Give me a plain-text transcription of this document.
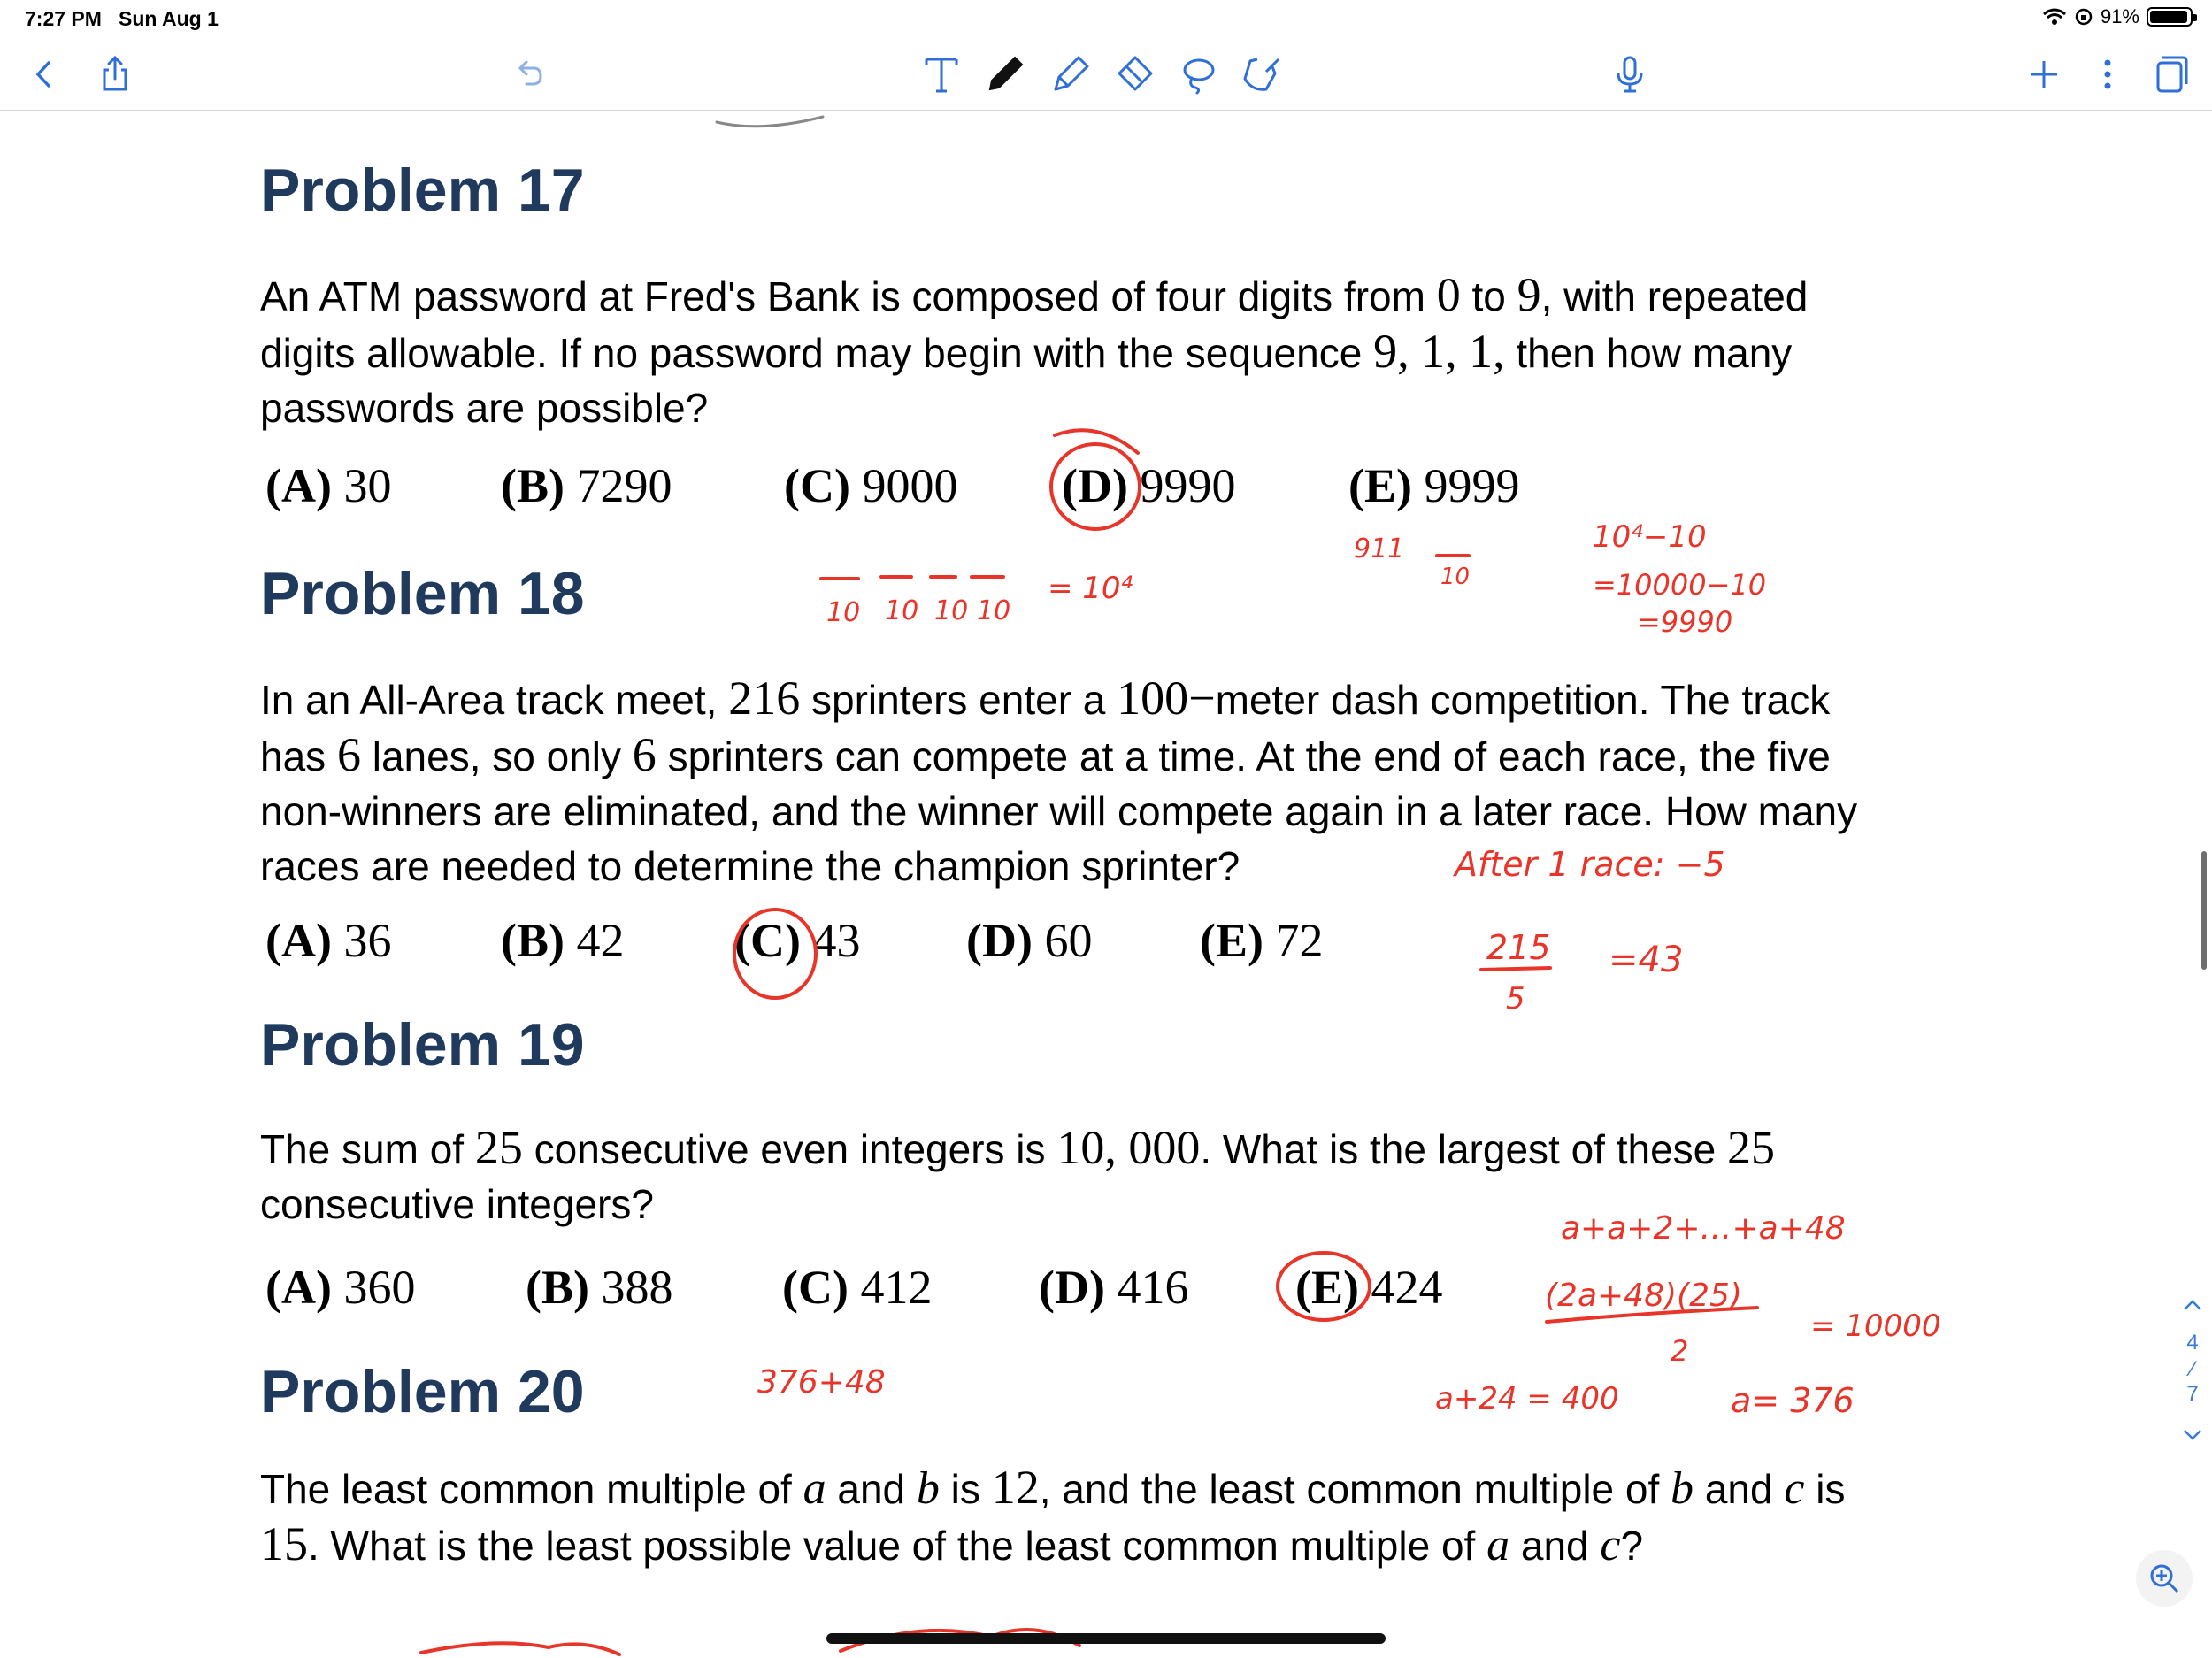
7:27 PM Sun Aug 1	91%
Problem 17
An ATM password at Fred's Bank is composed of four digits from 0 to 9, with repeated
digits allowable. If no password may begin with the sequence 9, 1, 1, then how many
passwords are possible?
(A) 30 (B) 7290 (C) 9000 (D) 9990 (E) 9999
Problem 18
In an All-Area track meet, 216 sprinters enter a 100−meter dash competition. The track
has 6 lanes, so only 6 sprinters can compete at a time. At the end of each race, the five
non-winners are eliminated, and the winner will compete again in a later race. How many
races are needed to determine the champion sprinter?
(A) 36 (B) 42 (C) 43 (D) 60 (E) 72
Problem 19
The sum of 25 consecutive even integers is 10, 000. What is the largest of these 25
consecutive integers?
(A) 360 (B) 388 (C) 412 (D) 416 (E) 424
Problem 20
The least common multiple of a and b is 12, and the least common multiple of b and c is
15. What is the least possible value of the least common multiple of a and c?
10 10 10 10
= 10⁴
911
10
10⁴−10
=10000−10
=9990
After 1 race: −5
215
5
=43
a+a+2+…+a+48
(2a+48)(25)
2
= 10000
a+24 = 400	a= 376
376+48
4
⁄
7
